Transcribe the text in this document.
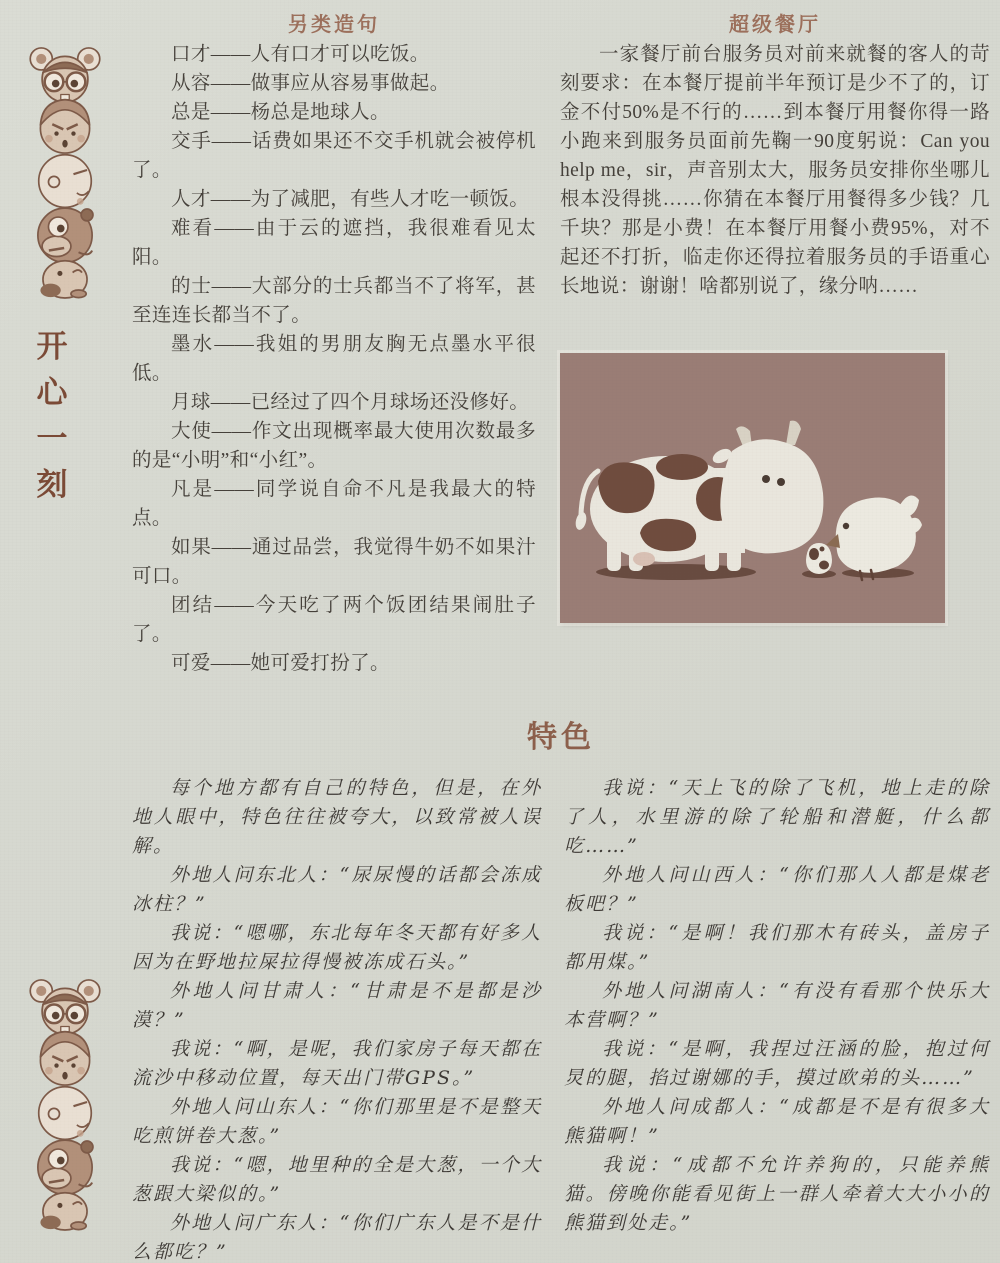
开
心
一
刻
另类造句

口才——人有口才可以吃饭。

从容——做事应从容易事做起。

总是——杨总是地球人。

交手——话费如果还不交手机就会被停机了。

人才——为了减肥，有些人才吃一顿饭。

难看——由于云的遮挡，我很难看见太阳。

的士——大部分的士兵都当不了将军，甚至连连长都当不了。

墨水——我姐的男朋友胸无点墨水平很低。

月球——已经过了四个月球场还没修好。

大使——作文出现概率最大使用次数最多的是“小明”和“小红”。

凡是——同学说自命不凡是我最大的特点。

如果——通过品尝，我觉得牛奶不如果汁可口。

团结——今天吃了两个饭团结果闹肚子了。

可爱——她可爱打扮了。

超级餐厅

一家餐厅前台服务员对前来就餐的客人的苛刻要求：在本餐厅提前半年预订是少不了的，订金不付50%是不行的……到本餐厅用餐你得一路小跑来到服务员面前先鞠一90度躬说：Can you help me，sir，声音别太大，服务员安排你坐哪儿根本没得挑……你猜在本餐厅用餐得多少钱？几千块？那是小费！在本餐厅用餐小费95%，对不起还不打折，临走你还得拉着服务员的手语重心长地说：谢谢！啥都别说了，缘分呐……

特色

每个地方都有自己的特色，但是，在外地人眼中，特色往往被夸大，以致常被人误解。

外地人问东北人：“尿尿慢的话都会冻成冰柱？”

我说：“嗯哪，东北每年冬天都有好多人因为在野地拉屎拉得慢被冻成石头。”

外地人问甘肃人：“甘肃是不是都是沙漠？”

我说：“啊，是呢，我们家房子每天都在流沙中移动位置，每天出门带GPS。”

外地人问山东人：“你们那里是不是整天吃煎饼卷大葱。”

我说：“嗯，地里种的全是大葱，一个大葱跟大梁似的。”

外地人问广东人：“你们广东人是不是什么都吃？”

我说：“天上飞的除了飞机，地上走的除了人，水里游的除了轮船和潜艇，什么都吃……”

外地人问山西人：“你们那人人都是煤老板吧？”

我说：“是啊！我们那木有砖头，盖房子都用煤。”

外地人问湖南人：“有没有看那个快乐大本营啊？”

我说：“是啊，我捏过汪涵的脸，抱过何炅的腿，掐过谢娜的手，摸过欧弟的头……”

外地人问成都人：“成都是不是有很多大熊猫啊！”

我说：“成都不允许养狗的，只能养熊猫。傍晚你能看见街上一群人牵着大大小小的熊猫到处走。”
